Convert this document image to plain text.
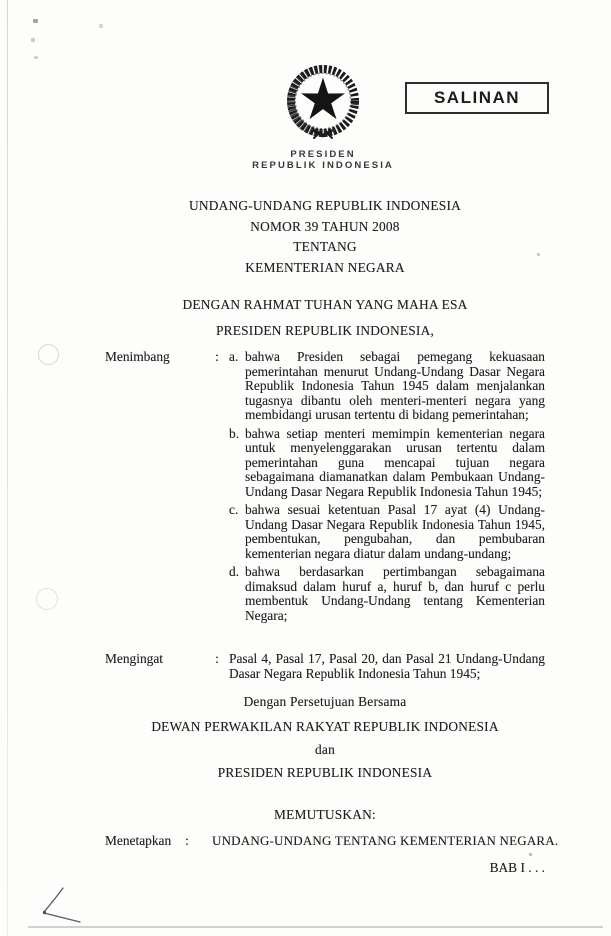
PRESIDEN
REPUBLIK INDONESIA
SALINAN
UNDANG-UNDANG REPUBLIK INDONESIA
NOMOR 39 TAHUN 2008
TENTANG
KEMENTERIAN NEGARA
DENGAN RAHMAT TUHAN YANG MAHA ESA
PRESIDEN REPUBLIK INDONESIA,
Menimbang	: a. bahwa Presiden sebagai pemegang kekuasaan pemerintahan menurut Undang-Undang Dasar Negara Republik Indonesia Tahun 1945 dalam menjalankan tugasnya dibantu oleh menteri-menteri negara yang membidangi urusan tertentu di bidang pemerintahan;

b. bahwa setiap menteri memimpin kementerian negara untuk menyelenggarakan urusan tertentu dalam pemerintahan guna mencapai tujuan negara sebagaimana diamanatkan dalam Pembukaan Undang-Undang Dasar Negara Republik Indonesia Tahun 1945;

c. bahwa sesuai ketentuan Pasal 17 ayat (4) Undang-Undang Dasar Negara Republik Indonesia Tahun 1945, pembentukan, pengubahan, dan pembubaran kementerian negara diatur dalam undang-undang;

d. bahwa berdasarkan pertimbangan sebagaimana dimaksud dalam huruf a, huruf b, dan huruf c perlu membentuk Undang-Undang tentang Kementerian Negara;

Mengingat	: Pasal 4, Pasal 17, Pasal 20, dan Pasal 21 Undang-Undang Dasar Negara Republik Indonesia Tahun 1945;

Dengan Persetujuan Bersama
DEWAN PERWAKILAN RAKYAT REPUBLIK INDONESIA
dan
PRESIDEN REPUBLIK INDONESIA
MEMUTUSKAN:
Menetapkan	:	UNDANG-UNDANG TENTANG KEMENTERIAN NEGARA.
BAB I . . .
